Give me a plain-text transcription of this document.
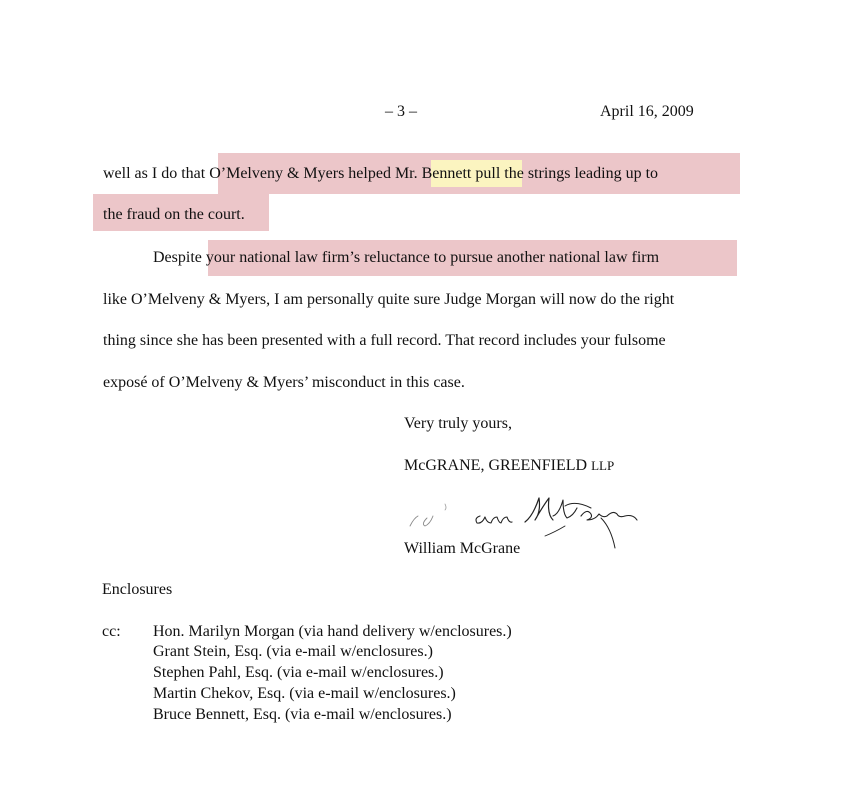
– 3 –	April 16, 2009
well as I do that O’Melveny & Myers helped Mr. Bennett pull the strings leading up to
the fraud on the court.
Despite your national law firm’s reluctance to pursue another national law firm
like O’Melveny & Myers, I am personally quite sure Judge Morgan will now do the right
thing since she has been presented with a full record. That record includes your fulsome
exposé of O’Melveny & Myers’ misconduct in this case.
Very truly yours,
McGRANE, GREENFIELD LLP
William McGrane
Enclosures
cc: Hon. Marilyn Morgan (via hand delivery w/enclosures.)
Grant Stein, Esq. (via e-mail w/enclosures.)
Stephen Pahl, Esq. (via e-mail w/enclosures.)
Martin Chekov, Esq. (via e-mail w/enclosures.)
Bruce Bennett, Esq. (via e-mail w/enclosures.)
